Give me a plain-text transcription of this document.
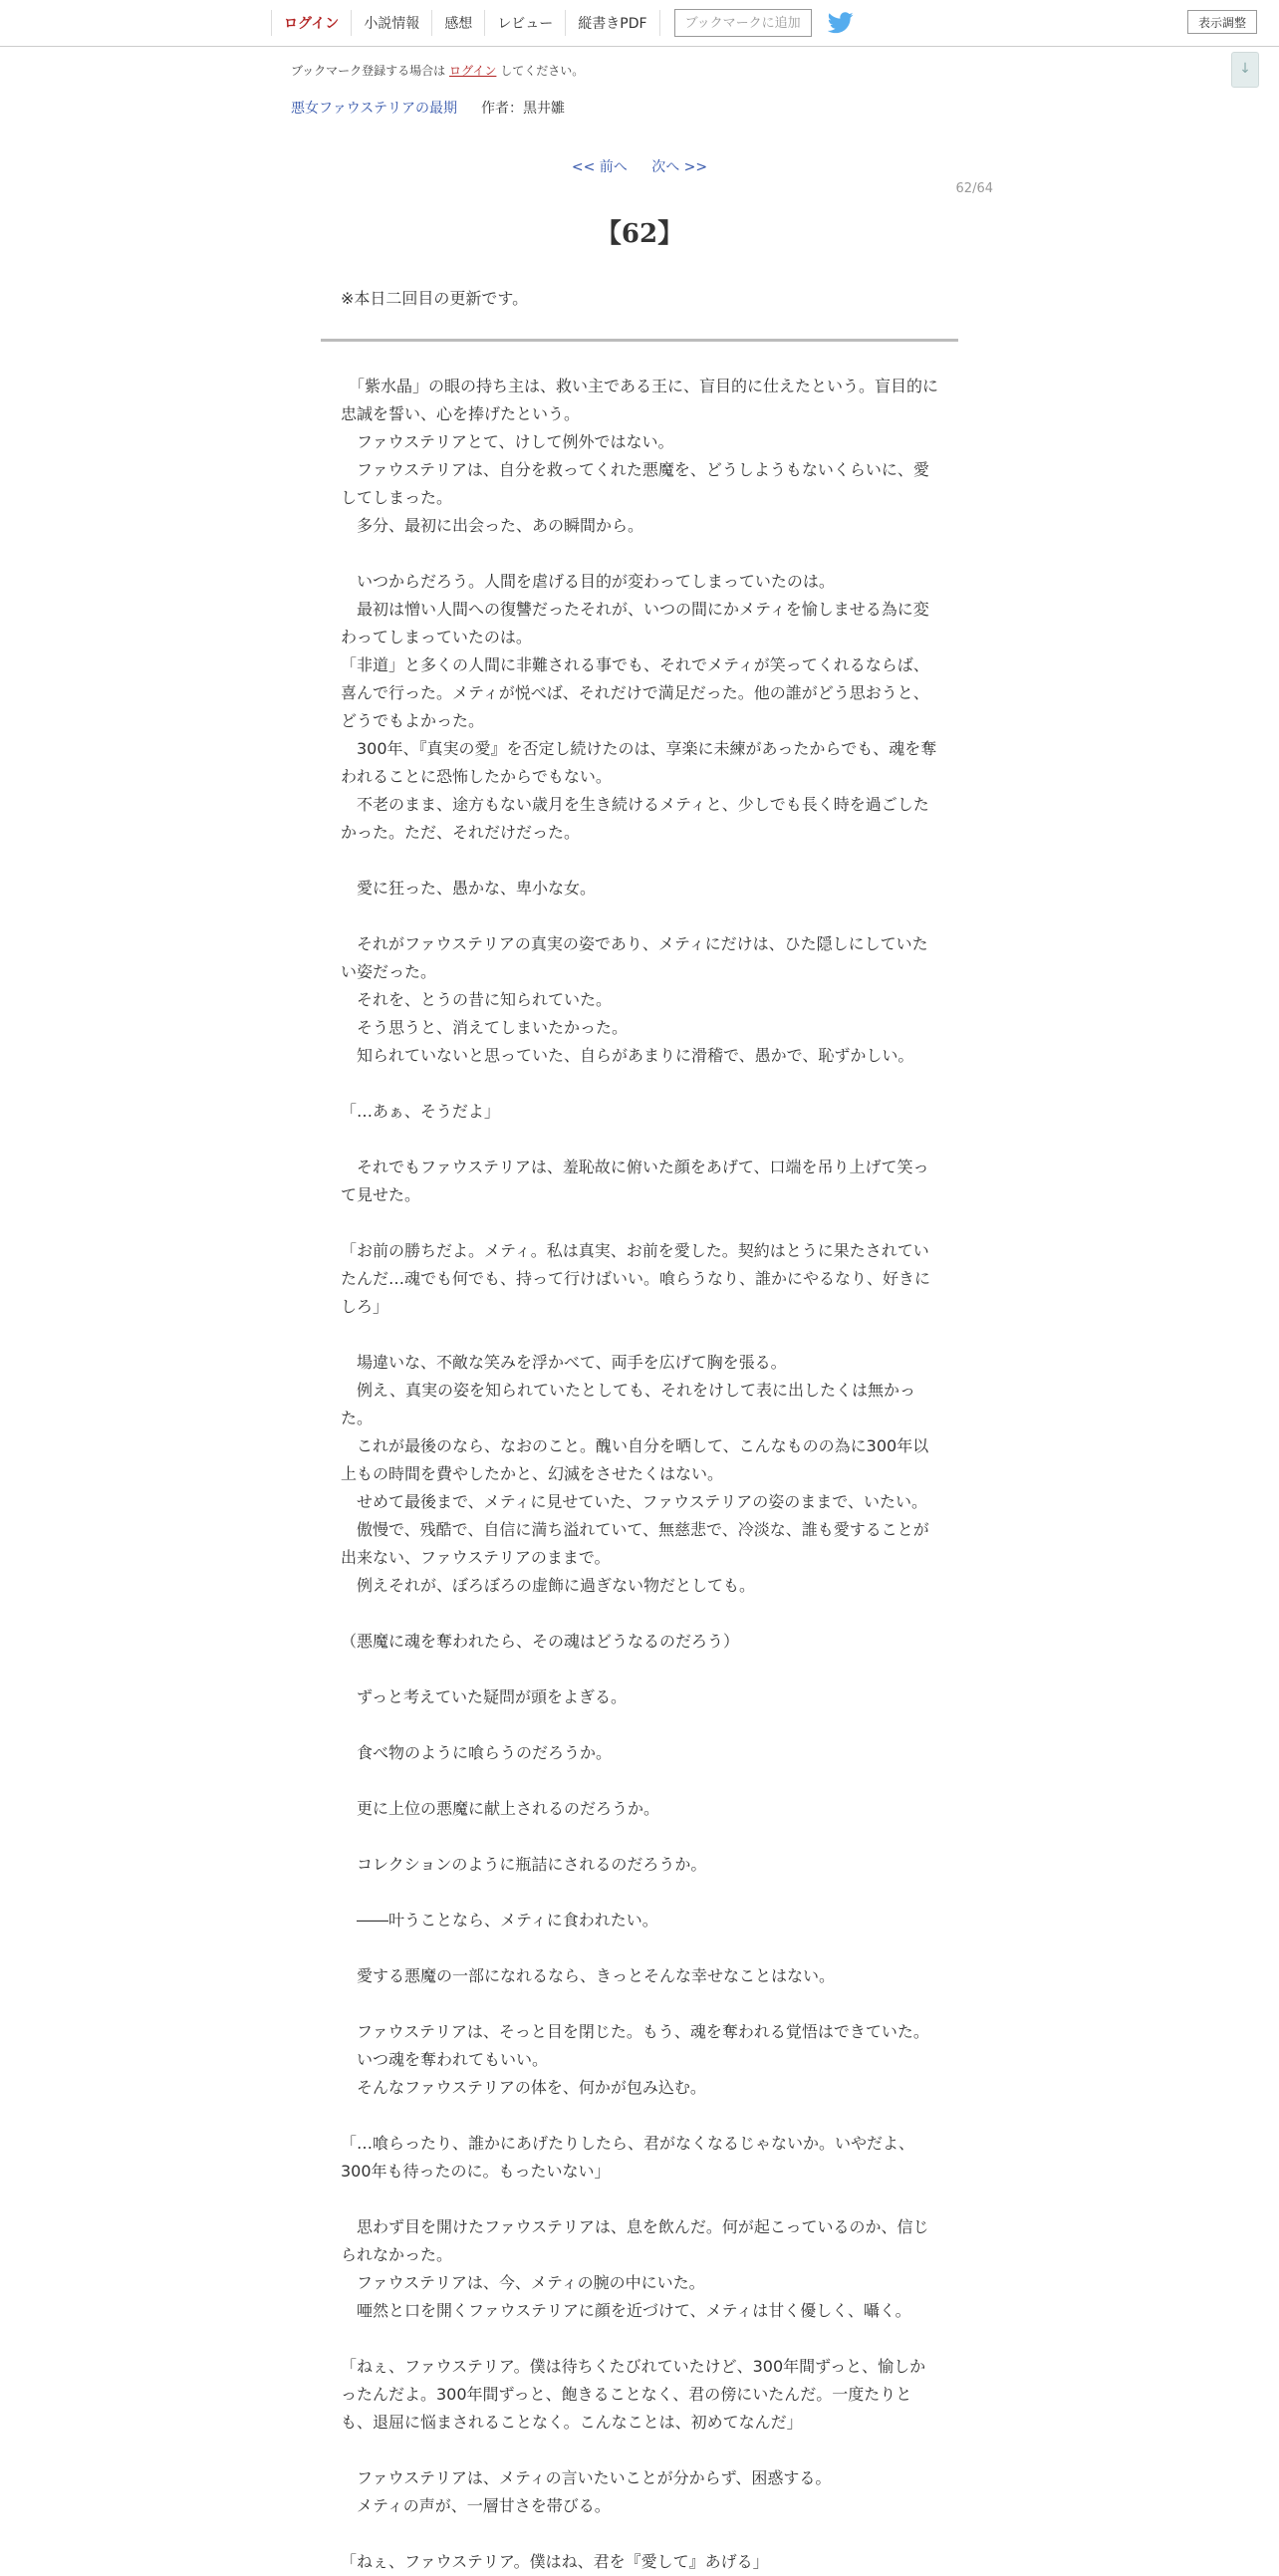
ログイン	小説情報	感想	レビュー	縦書きPDF	ブックマークに追加	表示調整
↓
ブックマーク登録する場合は ログイン してください。
悪女ファウステリアの最期 作者：黒井雛
<< 前へ 次へ >>
62/64
【62】
※本日二回目の更新です。

　「紫水晶」の眼の持ち主は、救い主である王に、盲目的に仕えたという。盲目的に忠誠を誓い、心を捧げたという。

　ファウステリアとて、けして例外ではない。

　ファウステリアは、自分を救ってくれた悪魔を、どうしようもないくらいに、愛してしまった。

　多分、最初に出会った、あの瞬間から。

　いつからだろう。人間を虐げる目的が変わってしまっていたのは。

　最初は憎い人間への復讐だったそれが、いつの間にかメティを愉しませる為に変わってしまっていたのは。

「非道」と多くの人間に非難される事でも、それでメティが笑ってくれるならば、喜んで行った。メティが悦べば、それだけで満足だった。他の誰がどう思おうと、どうでもよかった。

　300年、『真実の愛』を否定し続けたのは、享楽に未練があったからでも、魂を奪われることに恐怖したからでもない。

　不老のまま、途方もない歳月を生き続けるメティと、少しでも長く時を過ごしたかった。ただ、それだけだった。

　愛に狂った、愚かな、卑小な女。

　それがファウステリアの真実の姿であり、メティにだけは、ひた隠しにしていたい姿だった。

　それを、とうの昔に知られていた。

　そう思うと、消えてしまいたかった。

　知られていないと思っていた、自らがあまりに滑稽で、愚かで、恥ずかしい。

「…あぁ、そうだよ」

　それでもファウステリアは、羞恥故に俯いた顔をあげて、口端を吊り上げて笑って見せた。

「お前の勝ちだよ。メティ。私は真実、お前を愛した。契約はとうに果たされていたんだ…魂でも何でも、持って行けばいい。喰らうなり、誰かにやるなり、好きにしろ」

　場違いな、不敵な笑みを浮かべて、両手を広げて胸を張る。

　例え、真実の姿を知られていたとしても、それをけして表に出したくは無かった。

　これが最後のなら、なおのこと。醜い自分を晒して、こんなものの為に300年以上もの時間を費やしたかと、幻滅をさせたくはない。

　せめて最後まで、メティに見せていた、ファウステリアの姿のままで、いたい。

　傲慢で、残酷で、自信に満ち溢れていて、無慈悲で、冷淡な、誰も愛することが出来ない、ファウステリアのままで。

　例えそれが、ぼろぼろの虚飾に過ぎない物だとしても。

（悪魔に魂を奪われたら、その魂はどうなるのだろう）

　ずっと考えていた疑問が頭をよぎる。

　食べ物のように喰らうのだろうか。

　更に上位の悪魔に献上されるのだろうか。

　コレクションのように瓶詰にされるのだろうか。

　――叶うことなら、メティに食われたい。

　愛する悪魔の一部になれるなら、きっとそんな幸せなことはない。

　ファウステリアは、そっと目を閉じた。もう、魂を奪われる覚悟はできていた。

　いつ魂を奪われてもいい。

　そんなファウステリアの体を、何かが包み込む。

「…喰らったり、誰かにあげたりしたら、君がなくなるじゃないか。いやだよ、300年も待ったのに。もったいない」

　思わず目を開けたファウステリアは、息を飲んだ。何が起こっているのか、信じられなかった。

　ファウステリアは、今、メティの腕の中にいた。

　唖然と口を開くファウステリアに顔を近づけて、メティは甘く優しく、囁く。

「ねぇ、ファウステリア。僕は待ちくたびれていたけど、300年間ずっと、愉しかったんだよ。300年間ずっと、飽きることなく、君の傍にいたんだ。一度たりとも、退屈に悩まされることなく。こんなことは、初めてなんだ」

　ファウステリアは、メティの言いたいことが分からず、困惑する。

　メティの声が、一層甘さを帯びる。

「ねぇ、ファウステリア。僕はね、君を『愛して』あげる」
